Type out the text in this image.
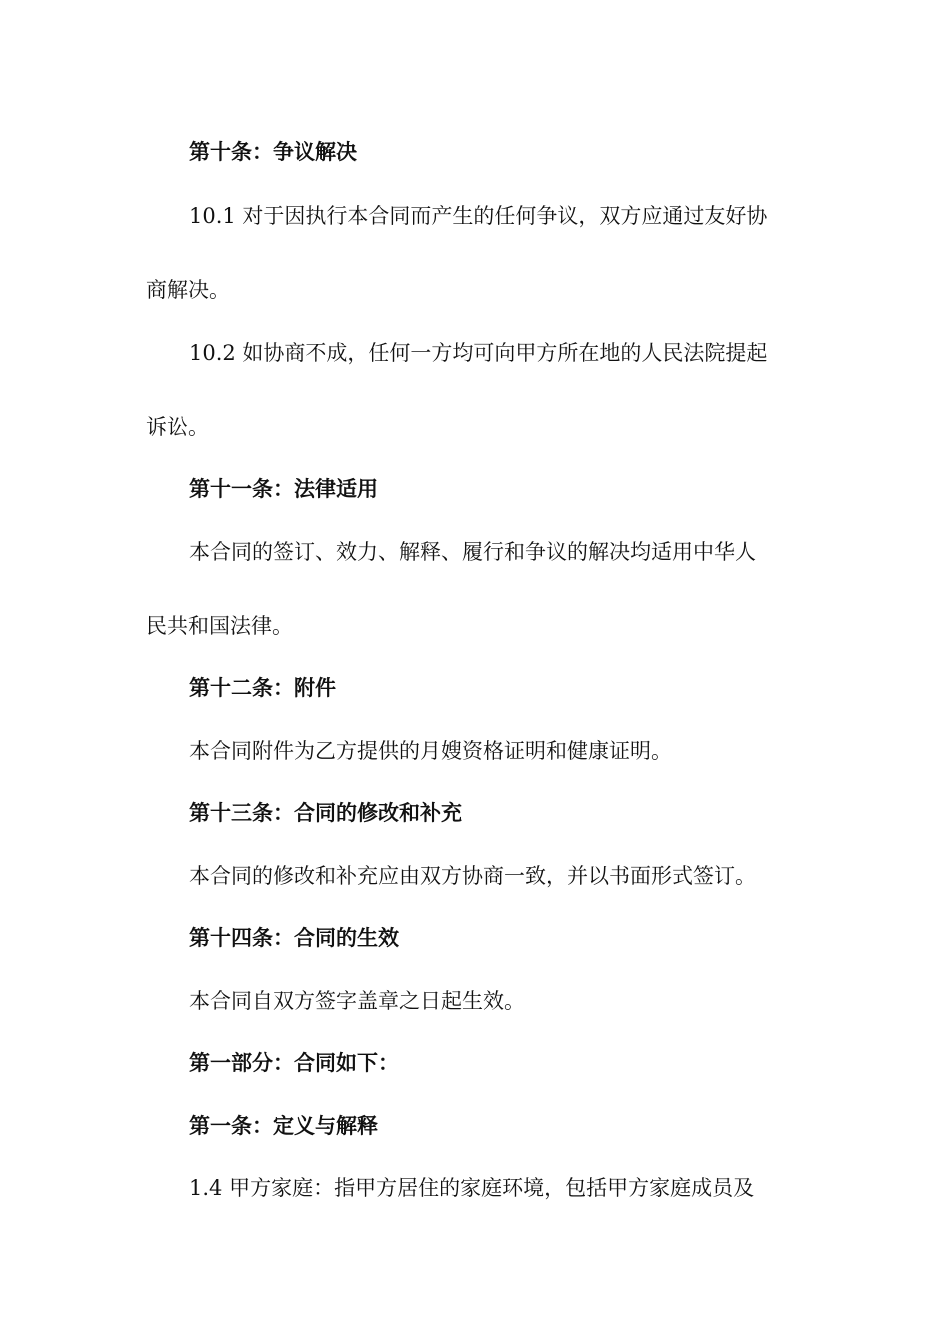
第十条：争议解决
10.1 对于因执行本合同而产生的任何争议，双方应通过友好协
商解决。
10.2 如协商不成，任何一方均可向甲方所在地的人民法院提起
诉讼。
第十一条：法律适用
本合同的签订、效力、解释、履行和争议的解决均适用中华人
民共和国法律。
第十二条：附件
本合同附件为乙方提供的月嫂资格证明和健康证明。
第十三条：合同的修改和补充
本合同的修改和补充应由双方协商一致，并以书面形式签订。
第十四条：合同的生效
本合同自双方签字盖章之日起生效。
第一部分：合同如下：
第一条：定义与解释
1.4 甲方家庭：指甲方居住的家庭环境，包括甲方家庭成员及
